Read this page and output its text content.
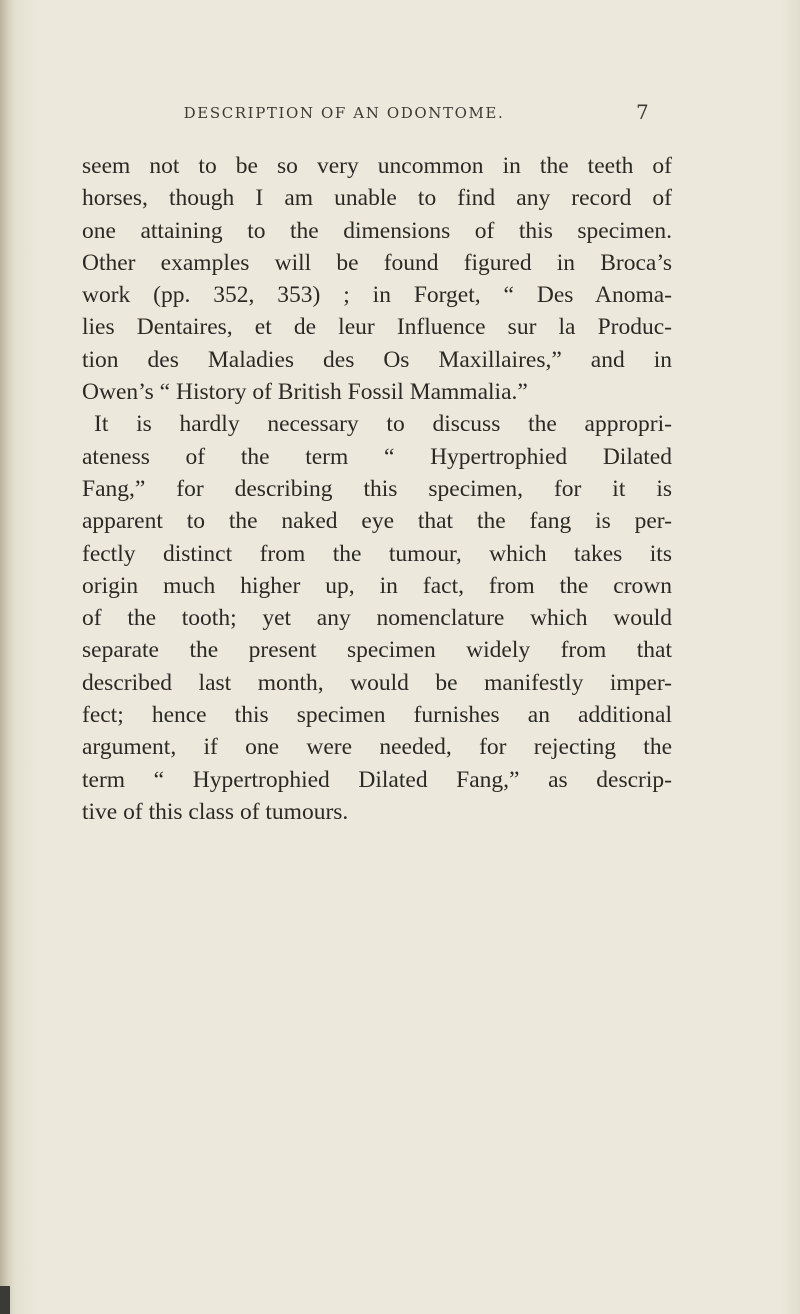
DESCRIPTION OF AN ODONTOME.	7
seem not to be so very uncommon in the teeth of
horses, though I am unable to find any record of
one attaining to the dimensions of this specimen.
Other examples will be found figured in Broca’s
work (pp. 352, 353) ; in Forget, “ Des Anoma-
lies Dentaires, et de leur Influence sur la Produc-
tion des Maladies des Os Maxillaires,” and in
Owen’s “ History of British Fossil Mammalia.”
It is hardly necessary to discuss the appropri-
ateness of the term “ Hypertrophied Dilated
Fang,” for describing this specimen, for it is
apparent to the naked eye that the fang is per-
fectly distinct from the tumour, which takes its
origin much higher up, in fact, from the crown
of the tooth; yet any nomenclature which would
separate the present specimen widely from that
described last month, would be manifestly imper-
fect; hence this specimen furnishes an additional
argument, if one were needed, for rejecting the
term “ Hypertrophied Dilated Fang,” as descrip-
tive of this class of tumours.
